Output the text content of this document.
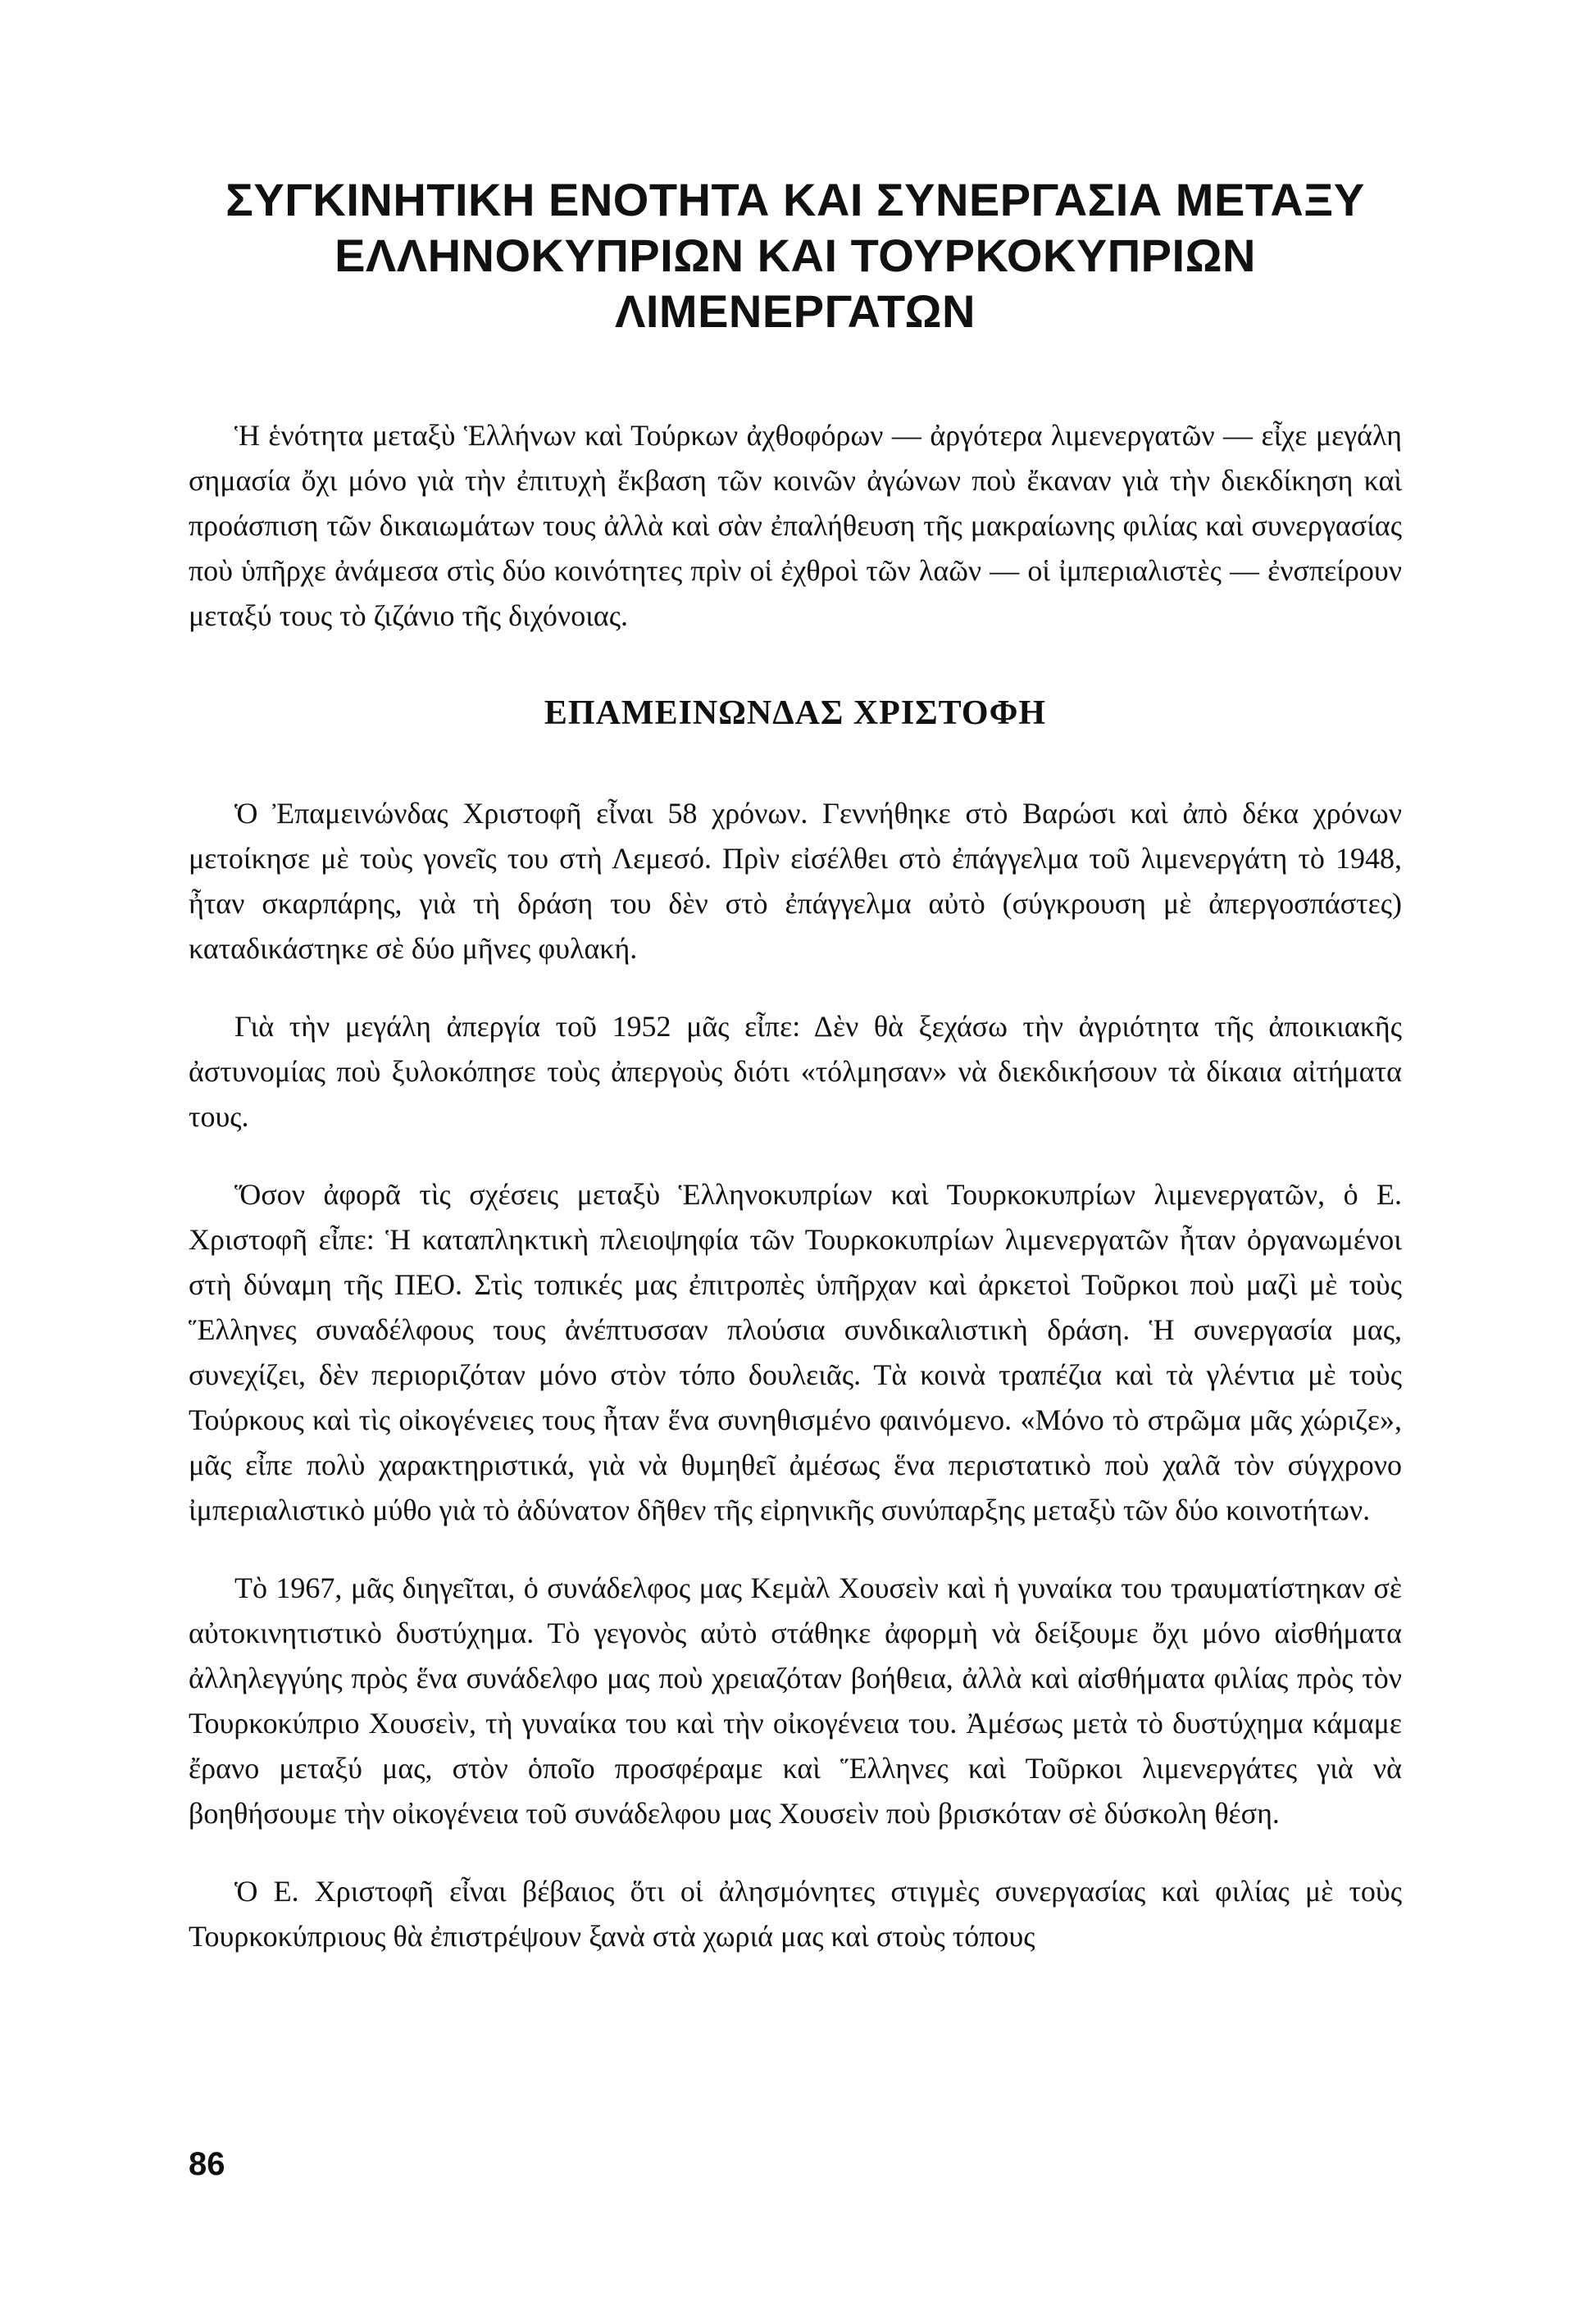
ΣΥΓΚΙΝΗΤΙΚΗ ΕΝΟΤΗΤΑ ΚΑΙ ΣΥΝΕΡΓΑΣΙΑ ΜΕΤΑΞΥ
ΕΛΛΗΝΟΚΥΠΡΙΩΝ ΚΑΙ ΤΟΥΡΚΟΚΥΠΡΙΩΝ ΛΙΜΕΝΕΡΓΑΤΩΝ

Ἡ ἑνότητα μεταξὺ Ἑλλήνων καὶ Τούρκων ἀχθοφόρων — ἀργότερα λιμενεργατῶν — εἶχε μεγάλη σημασία ὄχι μόνο γιὰ τὴν ἐπιτυχὴ ἔκβαση τῶν κοινῶν ἀγώνων ποὺ ἔκαναν γιὰ τὴν διεκδίκηση καὶ προάσπιση τῶν δικαιωμάτων τους ἀλλὰ καὶ σὰν ἐπαλήθευση τῆς μακραίωνης φιλίας καὶ συνεργασίας ποὺ ὑπῆρχε ἀνάμεσα στὶς δύο κοινότητες πρὶν οἱ ἐχθροὶ τῶν λαῶν — οἱ ἰμπεριαλιστὲς — ἐνσπείρουν μεταξύ τους τὸ ζιζάνιο τῆς διχόνοιας.

ΕΠΑΜΕΙΝΩΝΔΑΣ ΧΡΙΣΤΟΦΗ

Ὁ Ἐπαμεινώνδας Χριστοφῆ εἶναι 58 χρόνων. Γεννήθηκε στὸ Βαρώσι καὶ ἀπὸ δέκα χρόνων μετοίκησε μὲ τοὺς γονεῖς του στὴ Λεμεσό. Πρὶν εἰσέλθει στὸ ἐπάγγελμα τοῦ λιμενεργάτη τὸ 1948, ἦταν σκαρπάρης, γιὰ τὴ δράση του δὲν στὸ ἐπάγγελμα αὐτὸ (σύγκρουση μὲ ἀπεργοσπάστες) καταδικάστηκε σὲ δύο μῆνες φυλακή.

Γιὰ τὴν μεγάλη ἀπεργία τοῦ 1952 μᾶς εἶπε: Δὲν θὰ ξεχάσω τὴν ἀγριότητα τῆς ἀποικιακῆς ἀστυνομίας ποὺ ξυλοκόπησε τοὺς ἀπεργοὺς διότι «τόλμησαν» νὰ διεκδικήσουν τὰ δίκαια αἰτήματα τους.

Ὅσον ἀφορᾶ τὶς σχέσεις μεταξὺ Ἑλληνοκυπρίων καὶ Τουρκοκυπρίων λιμενεργατῶν, ὁ Ε. Χριστοφῆ εἶπε: Ἡ καταπληκτικὴ πλειοψηφία τῶν Τουρκοκυπρίων λιμενεργατῶν ἦταν ὀργανωμένοι στὴ δύναμη τῆς ΠΕΟ. Στὶς τοπικές μας ἐπιτροπὲς ὑπῆρχαν καὶ ἀρκετοὶ Τοῦρκοι ποὺ μαζὶ μὲ τοὺς Ἕλληνες συναδέλφους τους ἀνέπτυσσαν πλούσια συνδικαλιστικὴ δράση. Ἡ συνεργασία μας, συνεχίζει, δὲν περιοριζόταν μόνο στὸν τόπο δουλειᾶς. Τὰ κοινὰ τραπέζια καὶ τὰ γλέντια μὲ τοὺς Τούρκους καὶ τὶς οἰκογένειες τους ἦταν ἕνα συνηθισμένο φαινόμενο. «Μόνο τὸ στρῶμα μᾶς χώριζε», μᾶς εἶπε πολὺ χαρακτηριστικά, γιὰ νὰ θυμηθεῖ ἀμέσως ἕνα περιστατικὸ ποὺ χαλᾶ τὸν σύγχρονο ἰμπεριαλιστικὸ μύθο γιὰ τὸ ἀδύνατον δῆθεν τῆς εἰρηνικῆς συνύπαρξης μεταξὺ τῶν δύο κοινοτήτων.

Τὸ 1967, μᾶς διηγεῖται, ὁ συνάδελφος μας Κεμὰλ Χουσεὶν καὶ ἡ γυναίκα του τραυματίστηκαν σὲ αὐτοκινητιστικὸ δυστύχημα. Τὸ γεγονὸς αὐτὸ στάθηκε ἀφορμὴ νὰ δείξουμε ὄχι μόνο αἰσθήματα ἀλληλεγγύης πρὸς ἕνα συνάδελφο μας ποὺ χρειαζόταν βοήθεια, ἀλλὰ καὶ αἰσθήματα φιλίας πρὸς τὸν Τουρκοκύπριο Χουσεὶν, τὴ γυναίκα του καὶ τὴν οἰκογένεια του. Ἀμέσως μετὰ τὸ δυστύχημα κάμαμε ἔρανο μεταξύ μας, στὸν ὁποῖο προσφέραμε καὶ Ἕλληνες καὶ Τοῦρκοι λιμενεργάτες γιὰ νὰ βοηθήσουμε τὴν οἰκογένεια τοῦ συνάδελφου μας Χουσεὶν ποὺ βρισκόταν σὲ δύσκολη θέση.

Ὁ Ε. Χριστοφῆ εἶναι βέβαιος ὅτι οἱ ἀλησμόνητες στιγμὲς συνεργασίας καὶ φιλίας μὲ τοὺς Τουρκοκύπριους θὰ ἐπιστρέψουν ξανὰ στὰ χωριά μας καὶ στοὺς τόπους

86
